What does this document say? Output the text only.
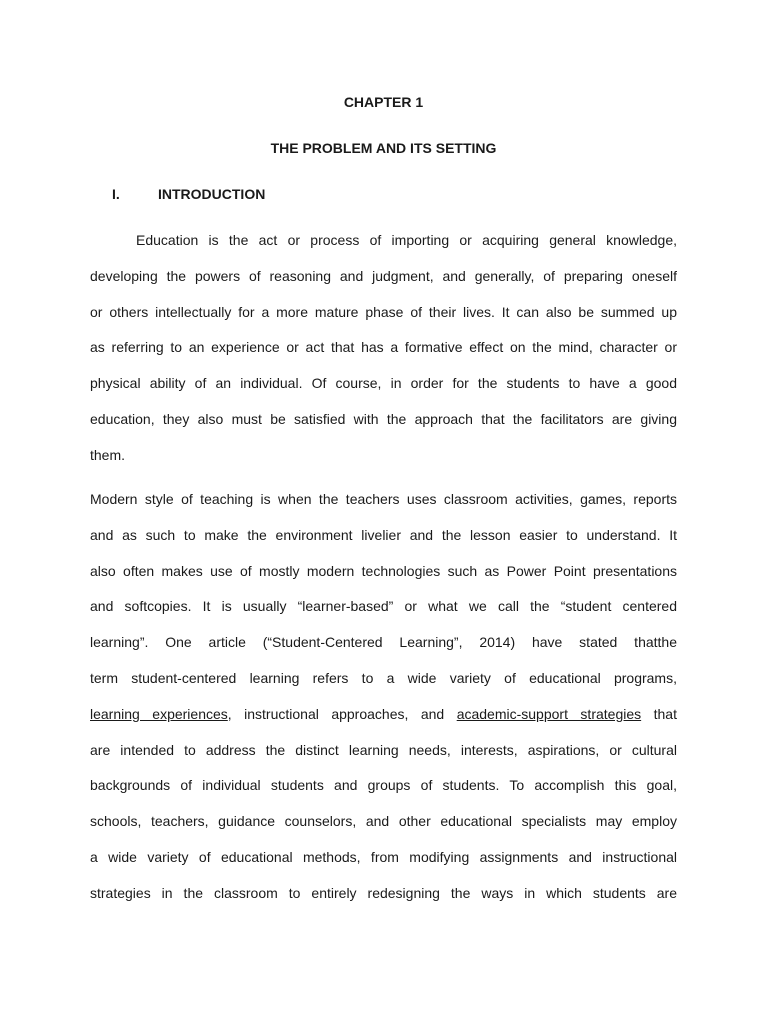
CHAPTER 1
THE PROBLEM AND ITS SETTING
I.	INTRODUCTION
Education is the act or process of importing or acquiring general knowledge,
developing the powers of reasoning and judgment, and generally, of preparing oneself
or others intellectually for a more mature phase of their lives. It can also be summed up
as referring to an experience or act that has a formative effect on the mind, character or
physical ability of an individual. Of course, in order for the students to have a good
education, they also must be satisfied with the approach that the facilitators are giving
them.
Modern style of teaching is when the teachers uses classroom activities, games, reports
and as such to make the environment livelier and the lesson easier to understand. It
also often makes use of mostly modern technologies such as Power Point presentations
and softcopies. It is usually “learner-based” or what we call the “student centered
learning”. One article (“Student-Centered Learning”, 2014) have stated thatthe
term student-centered learning refers to a wide variety of educational programs,
learning experiences, instructional approaches, and academic-support strategies that
are intended to address the distinct learning needs, interests, aspirations, or cultural
backgrounds of individual students and groups of students. To accomplish this goal,
schools, teachers, guidance counselors, and other educational specialists may employ
a wide variety of educational methods, from modifying assignments and instructional
strategies in the classroom to entirely redesigning the ways in which students are
